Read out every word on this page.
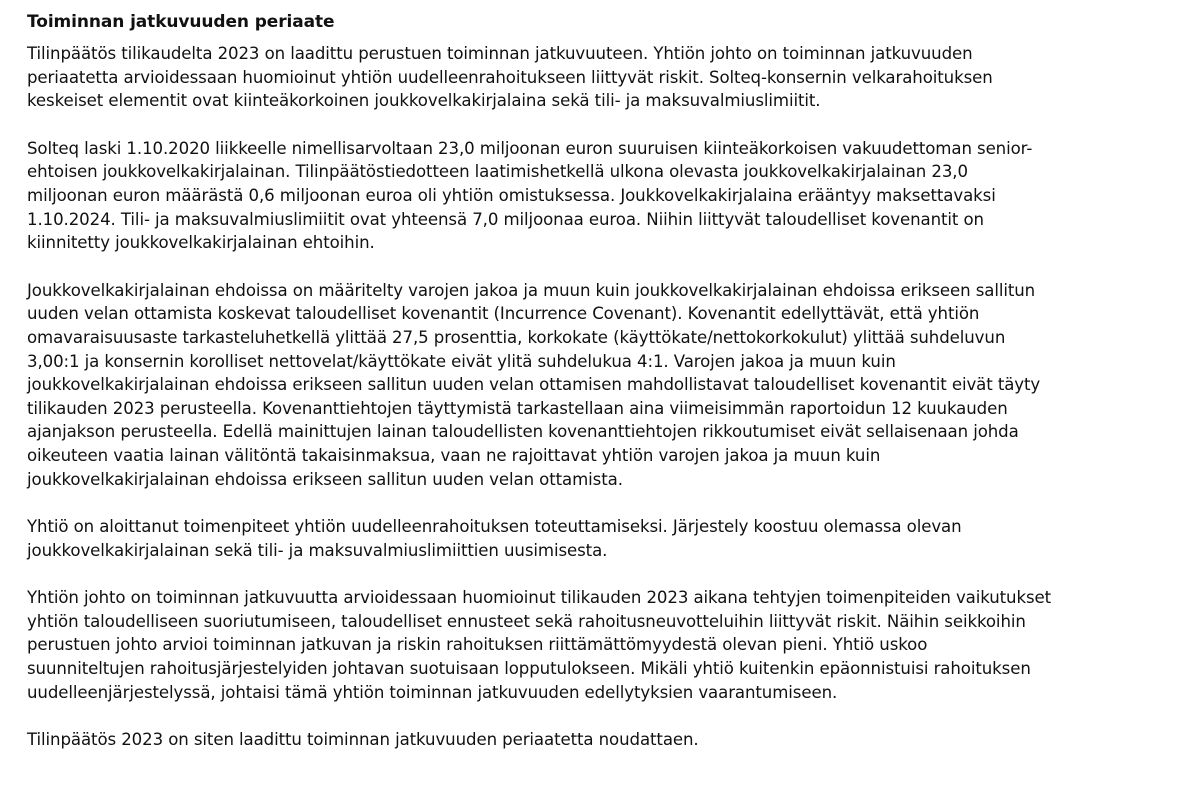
Toiminnan jatkuvuuden periaate

Tilinpäätös tilikaudelta 2023 on laadittu perustuen toiminnan jatkuvuuteen. Yhtiön johto on toiminnan jatkuvuuden
periaatetta arvioidessaan huomioinut yhtiön uudelleenrahoitukseen liittyvät riskit. Solteq-konsernin velkarahoituksen
keskeiset elementit ovat kiinteäkorkoinen joukkovelkakirjalaina sekä tili- ja maksuvalmiuslimiitit.

Solteq laski 1.10.2020 liikkeelle nimellisarvoltaan 23,0 miljoonan euron suuruisen kiinteäkorkoisen vakuudettoman senior-
ehtoisen joukkovelkakirjalainan. Tilinpäätöstiedotteen laatimishetkellä ulkona olevasta joukkovelkakirjalainan 23,0
miljoonan euron määrästä 0,6 miljoonan euroa oli yhtiön omistuksessa. Joukkovelkakirjalaina erääntyy maksettavaksi
1.10.2024. Tili- ja maksuvalmiuslimiitit ovat yhteensä 7,0 miljoonaa euroa. Niihin liittyvät taloudelliset kovenantit on
kiinnitetty joukkovelkakirjalainan ehtoihin.

Joukkovelkakirjalainan ehdoissa on määritelty varojen jakoa ja muun kuin joukkovelkakirjalainan ehdoissa erikseen sallitun
uuden velan ottamista koskevat taloudelliset kovenantit (Incurrence Covenant). Kovenantit edellyttävät, että yhtiön
omavaraisuusaste tarkasteluhetkellä ylittää 27,5 prosenttia, korkokate (käyttökate/nettokorkokulut) ylittää suhdeluvun
3,00:1 ja konsernin korolliset nettovelat/käyttökate eivät ylitä suhdelukua 4:1. Varojen jakoa ja muun kuin
joukkovelkakirjalainan ehdoissa erikseen sallitun uuden velan ottamisen mahdollistavat taloudelliset kovenantit eivät täyty
tilikauden 2023 perusteella. Kovenanttiehtojen täyttymistä tarkastellaan aina viimeisimmän raportoidun 12 kuukauden
ajanjakson perusteella. Edellä mainittujen lainan taloudellisten kovenanttiehtojen rikkoutumiset eivät sellaisenaan johda
oikeuteen vaatia lainan välitöntä takaisinmaksua, vaan ne rajoittavat yhtiön varojen jakoa ja muun kuin
joukkovelkakirjalainan ehdoissa erikseen sallitun uuden velan ottamista.

Yhtiö on aloittanut toimenpiteet yhtiön uudelleenrahoituksen toteuttamiseksi. Järjestely koostuu olemassa olevan
joukkovelkakirjalainan sekä tili- ja maksuvalmiuslimiittien uusimisesta.

Yhtiön johto on toiminnan jatkuvuutta arvioidessaan huomioinut tilikauden 2023 aikana tehtyjen toimenpiteiden vaikutukset
yhtiön taloudelliseen suoriutumiseen, taloudelliset ennusteet sekä rahoitusneuvotteluihin liittyvät riskit. Näihin seikkoihin
perustuen johto arvioi toiminnan jatkuvan ja riskin rahoituksen riittämättömyydestä olevan pieni. Yhtiö uskoo
suunniteltujen rahoitusjärjestelyiden johtavan suotuisaan lopputulokseen. Mikäli yhtiö kuitenkin epäonnistuisi rahoituksen
uudelleenjärjestelyssä, johtaisi tämä yhtiön toiminnan jatkuvuuden edellytyksien vaarantumiseen.

Tilinpäätös 2023 on siten laadittu toiminnan jatkuvuuden periaatetta noudattaen.
